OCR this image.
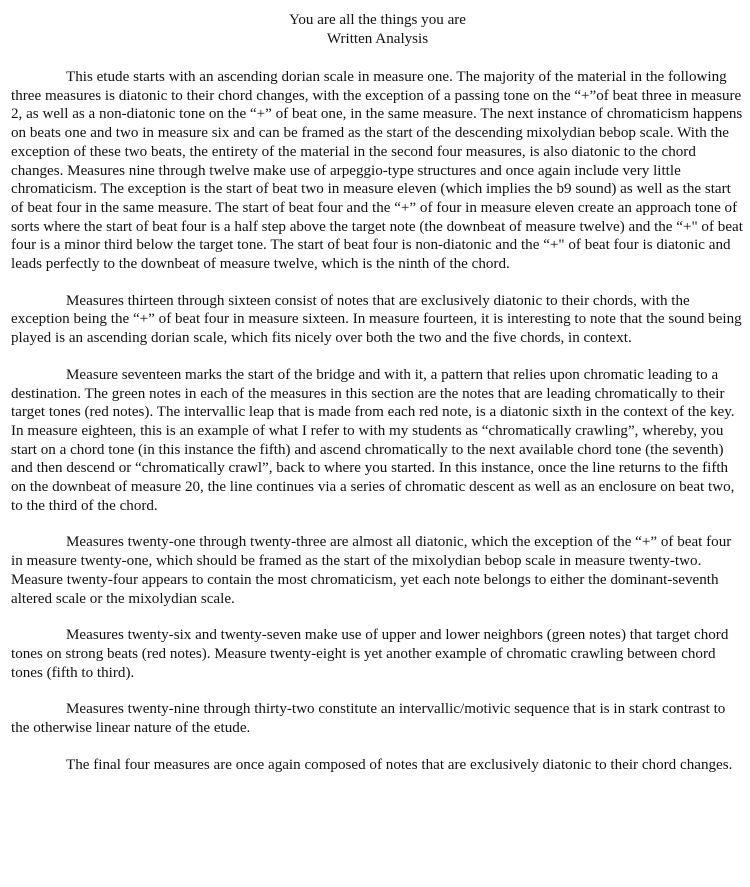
You are all the things you are
Written Analysis

This etude starts with an ascending dorian scale in measure one. The majority of the material in the following three measures is diatonic to their chord changes, with the exception of a passing tone on the “+”of beat three in measure 2, as well as a non-diatonic tone on the “+” of beat one, in the same measure. The next instance of chromaticism happens on beats one and two in measure six and can be framed as the start of the descending mixolydian bebop scale. With the exception of these two beats, the entirety of the material in the second four measures, is also diatonic to the chord changes. Measures nine through twelve make use of arpeggio-type structures and once again include very little chromaticism. The exception is the start of beat two in measure eleven (which implies the b9 sound) as well as the start of beat four in the same measure. The start of beat four and the “+” of four in measure eleven create an approach tone of sorts where the start of beat four is a half step above the target note (the downbeat of measure twelve) and the “+" of beat four is a minor third below the target tone. The start of beat four is non-diatonic and the “+" of beat four is diatonic and leads perfectly to the downbeat of measure twelve, which is the ninth of the chord.

Measures thirteen through sixteen consist of notes that are exclusively diatonic to their chords, with the exception being the “+” of beat four in measure sixteen. In measure fourteen, it is interesting to note that the sound being played is an ascending dorian scale, which fits nicely over both the two and the five chords, in context.

Measure seventeen marks the start of the bridge and with it, a pattern that relies upon chromatic leading to a destination. The green notes in each of the measures in this section are the notes that are leading chromatically to their target tones (red notes). The intervallic leap that is made from each red note, is a diatonic sixth in the context of the key. In measure eighteen, this is an example of what I refer to with my students as “chromatically crawling”, whereby, you start on a chord tone (in this instance the fifth) and ascend chromatically to the next available chord tone (the seventh) and then descend or “chromatically crawl”, back to where you started. In this instance, once the line returns to the fifth on the downbeat of measure 20, the line continues via a series of chromatic descent as well as an enclosure on beat two, to the third of the chord.

Measures twenty-one through twenty-three are almost all diatonic, which the exception of the “+” of beat four in measure twenty-one, which should be framed as the start of the mixolydian bebop scale in measure twenty-two. Measure twenty-four appears to contain the most chromaticism, yet each note belongs to either the dominant-seventh altered scale or the mixolydian scale.

Measures twenty-six and twenty-seven make use of upper and lower neighbors (green notes) that target chord tones on strong beats (red notes). Measure twenty-eight is yet another example of chromatic crawling between chord tones (fifth to third).

Measures twenty-nine through thirty-two constitute an intervallic/motivic sequence that is in stark contrast to the otherwise linear nature of the etude.

The final four measures are once again composed of notes that are exclusively diatonic to their chord changes.
